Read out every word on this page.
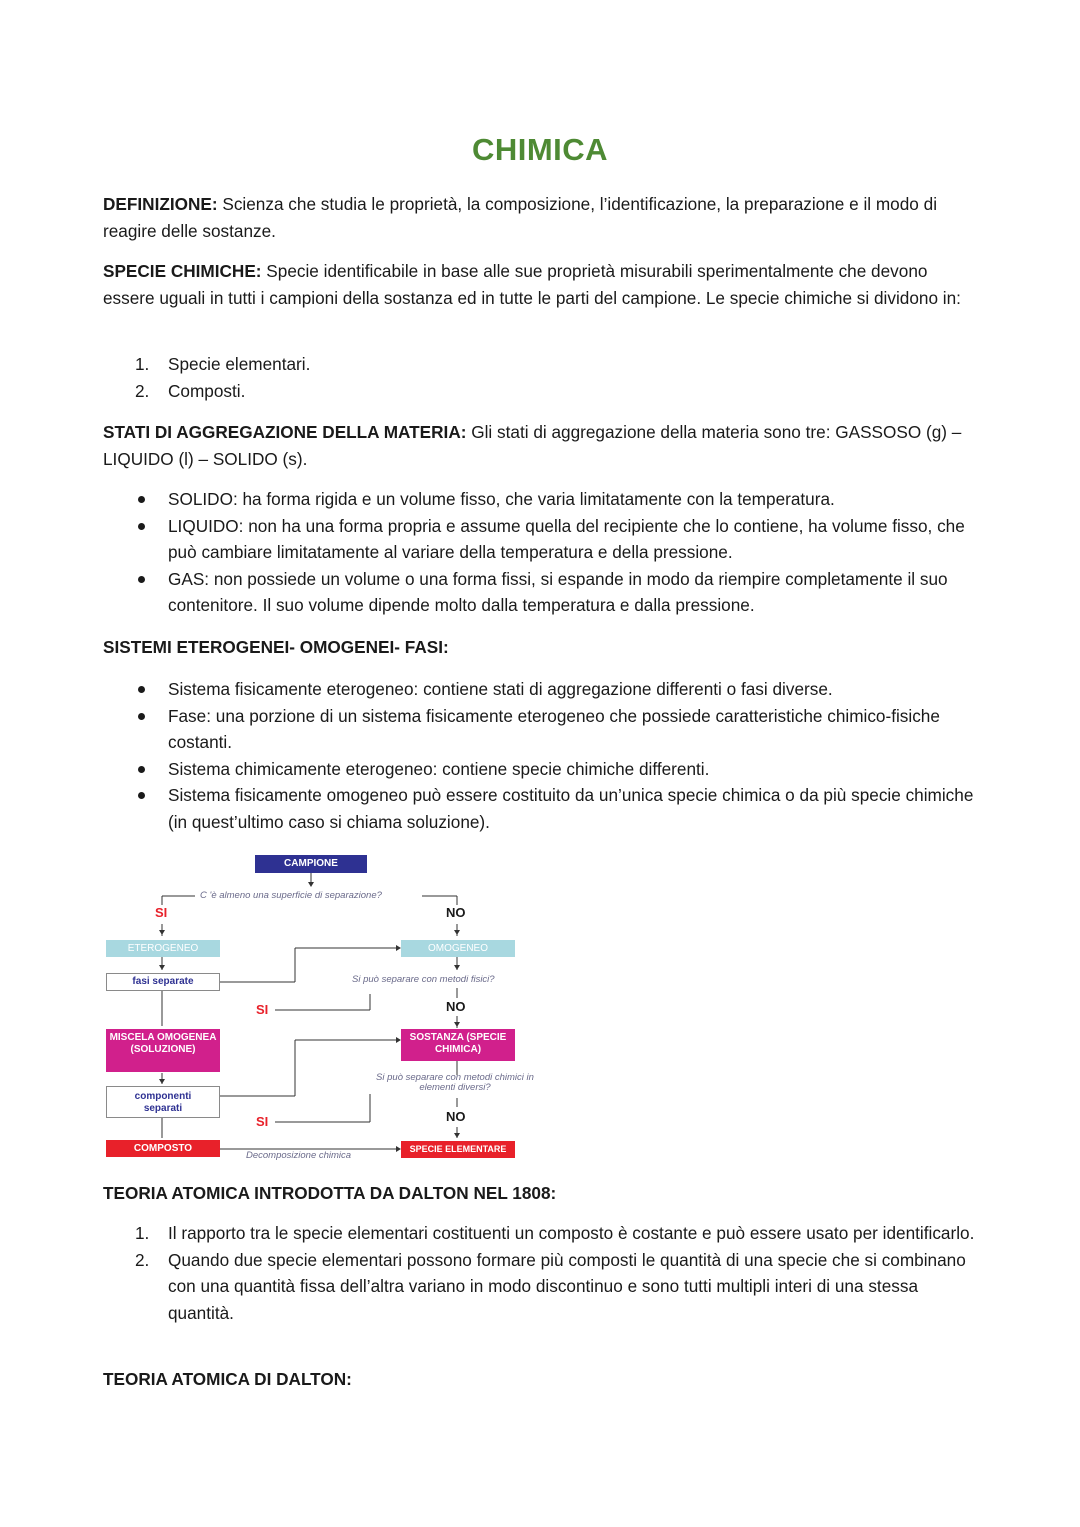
CHIMICA
DEFINIZIONE: Scienza che studia le proprietà, la composizione, l’identificazione, la preparazione e il modo di reagire delle sostanze.
SPECIE CHIMICHE: Specie identificabile in base alle sue proprietà misurabili sperimentalmente che devono essere uguali in tutti i campioni della sostanza ed in tutte le parti del campione. Le specie chimiche si dividono in:
1.	Specie elementari.
2.	Composti.
STATI DI AGGREGAZIONE DELLA MATERIA: Gli stati di aggregazione della materia sono tre: GASSOSO (g) – LIQUIDO (l) – SOLIDO (s).
SOLIDO: ha forma rigida e un volume fisso, che varia limitatamente con la temperatura.
LIQUIDO: non ha una forma propria e assume quella del recipiente che lo contiene, ha volume fisso, che può cambiare limitatamente al variare della temperatura e della pressione.
GAS: non possiede un volume o una forma fissi, si espande in modo da riempire completamente il suo contenitore. Il suo volume dipende molto dalla temperatura e dalla pressione.
SISTEMI ETEROGENEI- OMOGENEI- FASI:
Sistema fisicamente eterogeneo: contiene stati di aggregazione differenti o fasi diverse.
Fase: una porzione di un sistema fisicamente eterogeneo che possiede caratteristiche chimico-fisiche costanti.
Sistema chimicamente eterogeneo: contiene specie chimiche differenti.
Sistema fisicamente omogeneo può essere costituito da un’unica specie chimica o da più specie chimiche (in quest’ultimo caso si chiama soluzione).
CAMPIONE
C 'è almeno una superficie di separazione?
SI	NO
ETEROGENEO	OMOGENEO
fasi separate	Si può separare con metodi fisici?
SI	NO
MISCELA OMOGENEA (SOLUZIONE)
SOSTANZA (SPECIE CHIMICA)
Si può separare con metodi chimici in elementi diversi?
componenti separati
SI	NO
COMPOSTO
Decomposizione chimica
SPECIE ELEMENTARE
TEORIA ATOMICA INTRODOTTA DA DALTON NEL 1808:
1.	Il rapporto tra le specie elementari costituenti un composto è costante e può essere usato per identificarlo.
2.	Quando due specie elementari possono formare più composti le quantità di una specie che si combinano con una quantità fissa dell’altra variano in modo discontinuo e sono tutti multipli interi di una stessa quantità.
TEORIA ATOMICA DI DALTON:
